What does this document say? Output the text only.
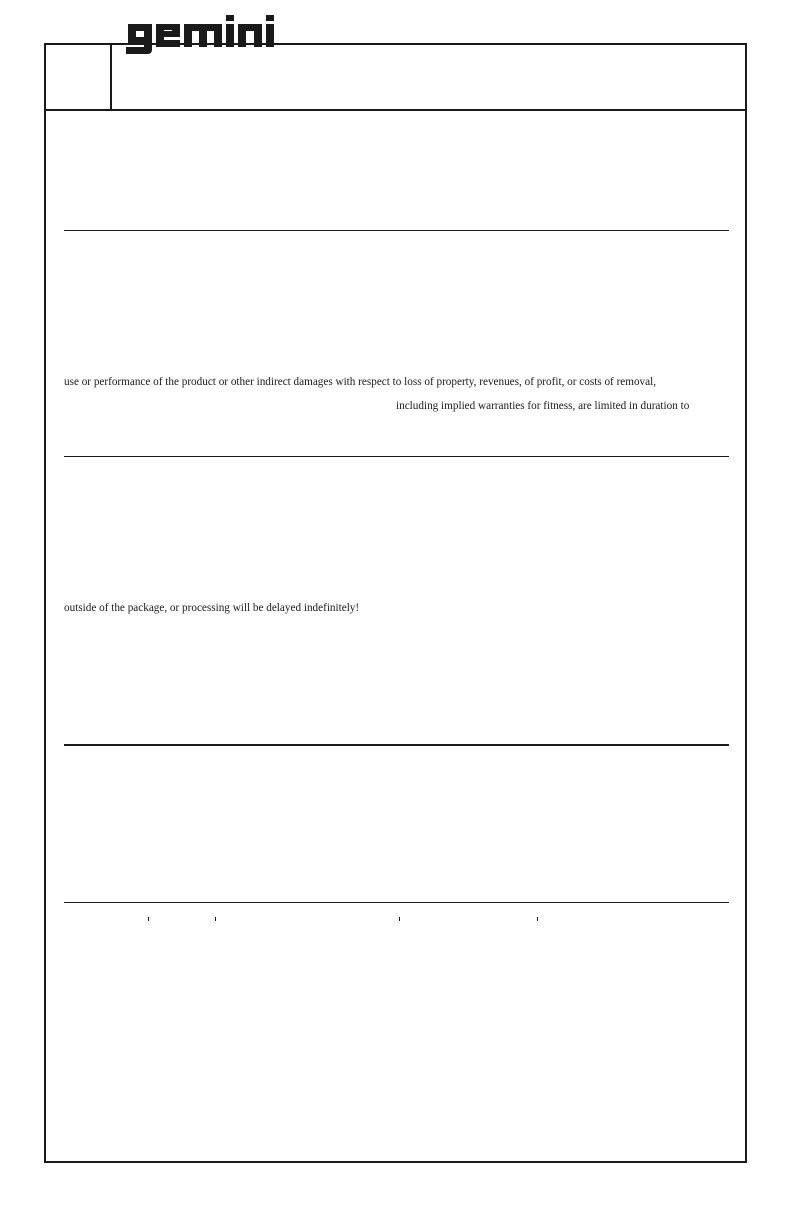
use or performance of the product or other indirect damages with respect to loss of property, revenues, of profit, or costs of removal,
including implied warranties for fitness, are limited in duration to
outside of the package, or processing will be delayed indefinitely!
